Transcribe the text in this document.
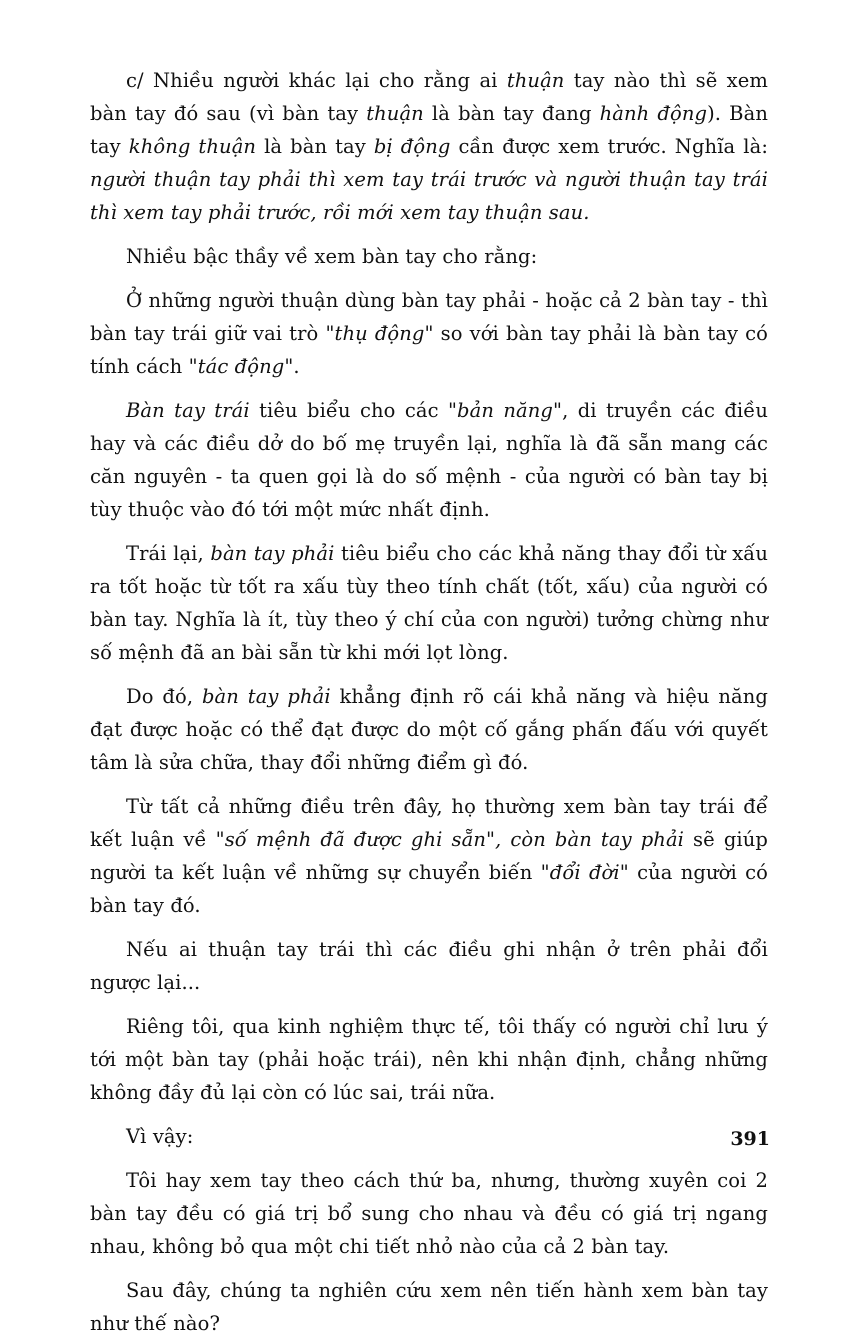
c/ Nhiều người khác lại cho rằng ai thuận tay nào thì sẽ xem bàn tay đó sau (vì bàn tay thuận là bàn tay đang hành động). Bàn tay không thuận là bàn tay bị động cần được xem trước. Nghĩa là: người thuận tay phải thì xem tay trái trước và người thuận tay trái thì xem tay phải trước, rồi mới xem tay thuận sau.

Nhiều bậc thầy về xem bàn tay cho rằng:

Ở những người thuận dùng bàn tay phải - hoặc cả 2 bàn tay - thì bàn tay trái giữ vai trò "thụ động" so với bàn tay phải là bàn tay có tính cách "tác động".

Bàn tay trái tiêu biểu cho các "bản năng", di truyền các điều hay và các điều dở do bố mẹ truyền lại, nghĩa là đã sẵn mang các căn nguyên - ta quen gọi là do số mệnh - của người có bàn tay bị tùy thuộc vào đó tới một mức nhất định.

Trái lại, bàn tay phải tiêu biểu cho các khả năng thay đổi từ xấu ra tốt hoặc từ tốt ra xấu tùy theo tính chất (tốt, xấu) của người có bàn tay. Nghĩa là ít, tùy theo ý chí của con người) tưởng chừng như số mệnh đã an bài sẵn từ khi mới lọt lòng.

Do đó, bàn tay phải khẳng định rõ cái khả năng và hiệu năng đạt được hoặc có thể đạt được do một cố gắng phấn đấu với quyết tâm là sửa chữa, thay đổi những điểm gì đó.

Từ tất cả những điều trên đây, họ thường xem bàn tay trái để kết luận về "số mệnh đã được ghi sẵn", còn bàn tay phải sẽ giúp người ta kết luận về những sự chuyển biến "đổi đời" của người có bàn tay đó.

Nếu ai thuận tay trái thì các điều ghi nhận ở trên phải đổi ngược lại...

Riêng tôi, qua kinh nghiệm thực tế, tôi thấy có người chỉ lưu ý tới một bàn tay (phải hoặc trái), nên khi nhận định, chẳng những không đầy đủ lại còn có lúc sai, trái nữa.

Vì vậy:

Tôi hay xem tay theo cách thứ ba, nhưng, thường xuyên coi 2 bàn tay đều có giá trị bổ sung cho nhau và đều có giá trị ngang nhau, không bỏ qua một chi tiết nhỏ nào của cả 2 bàn tay.

Sau đây, chúng ta nghiên cứu xem nên tiến hành xem bàn tay như thế nào?

391
